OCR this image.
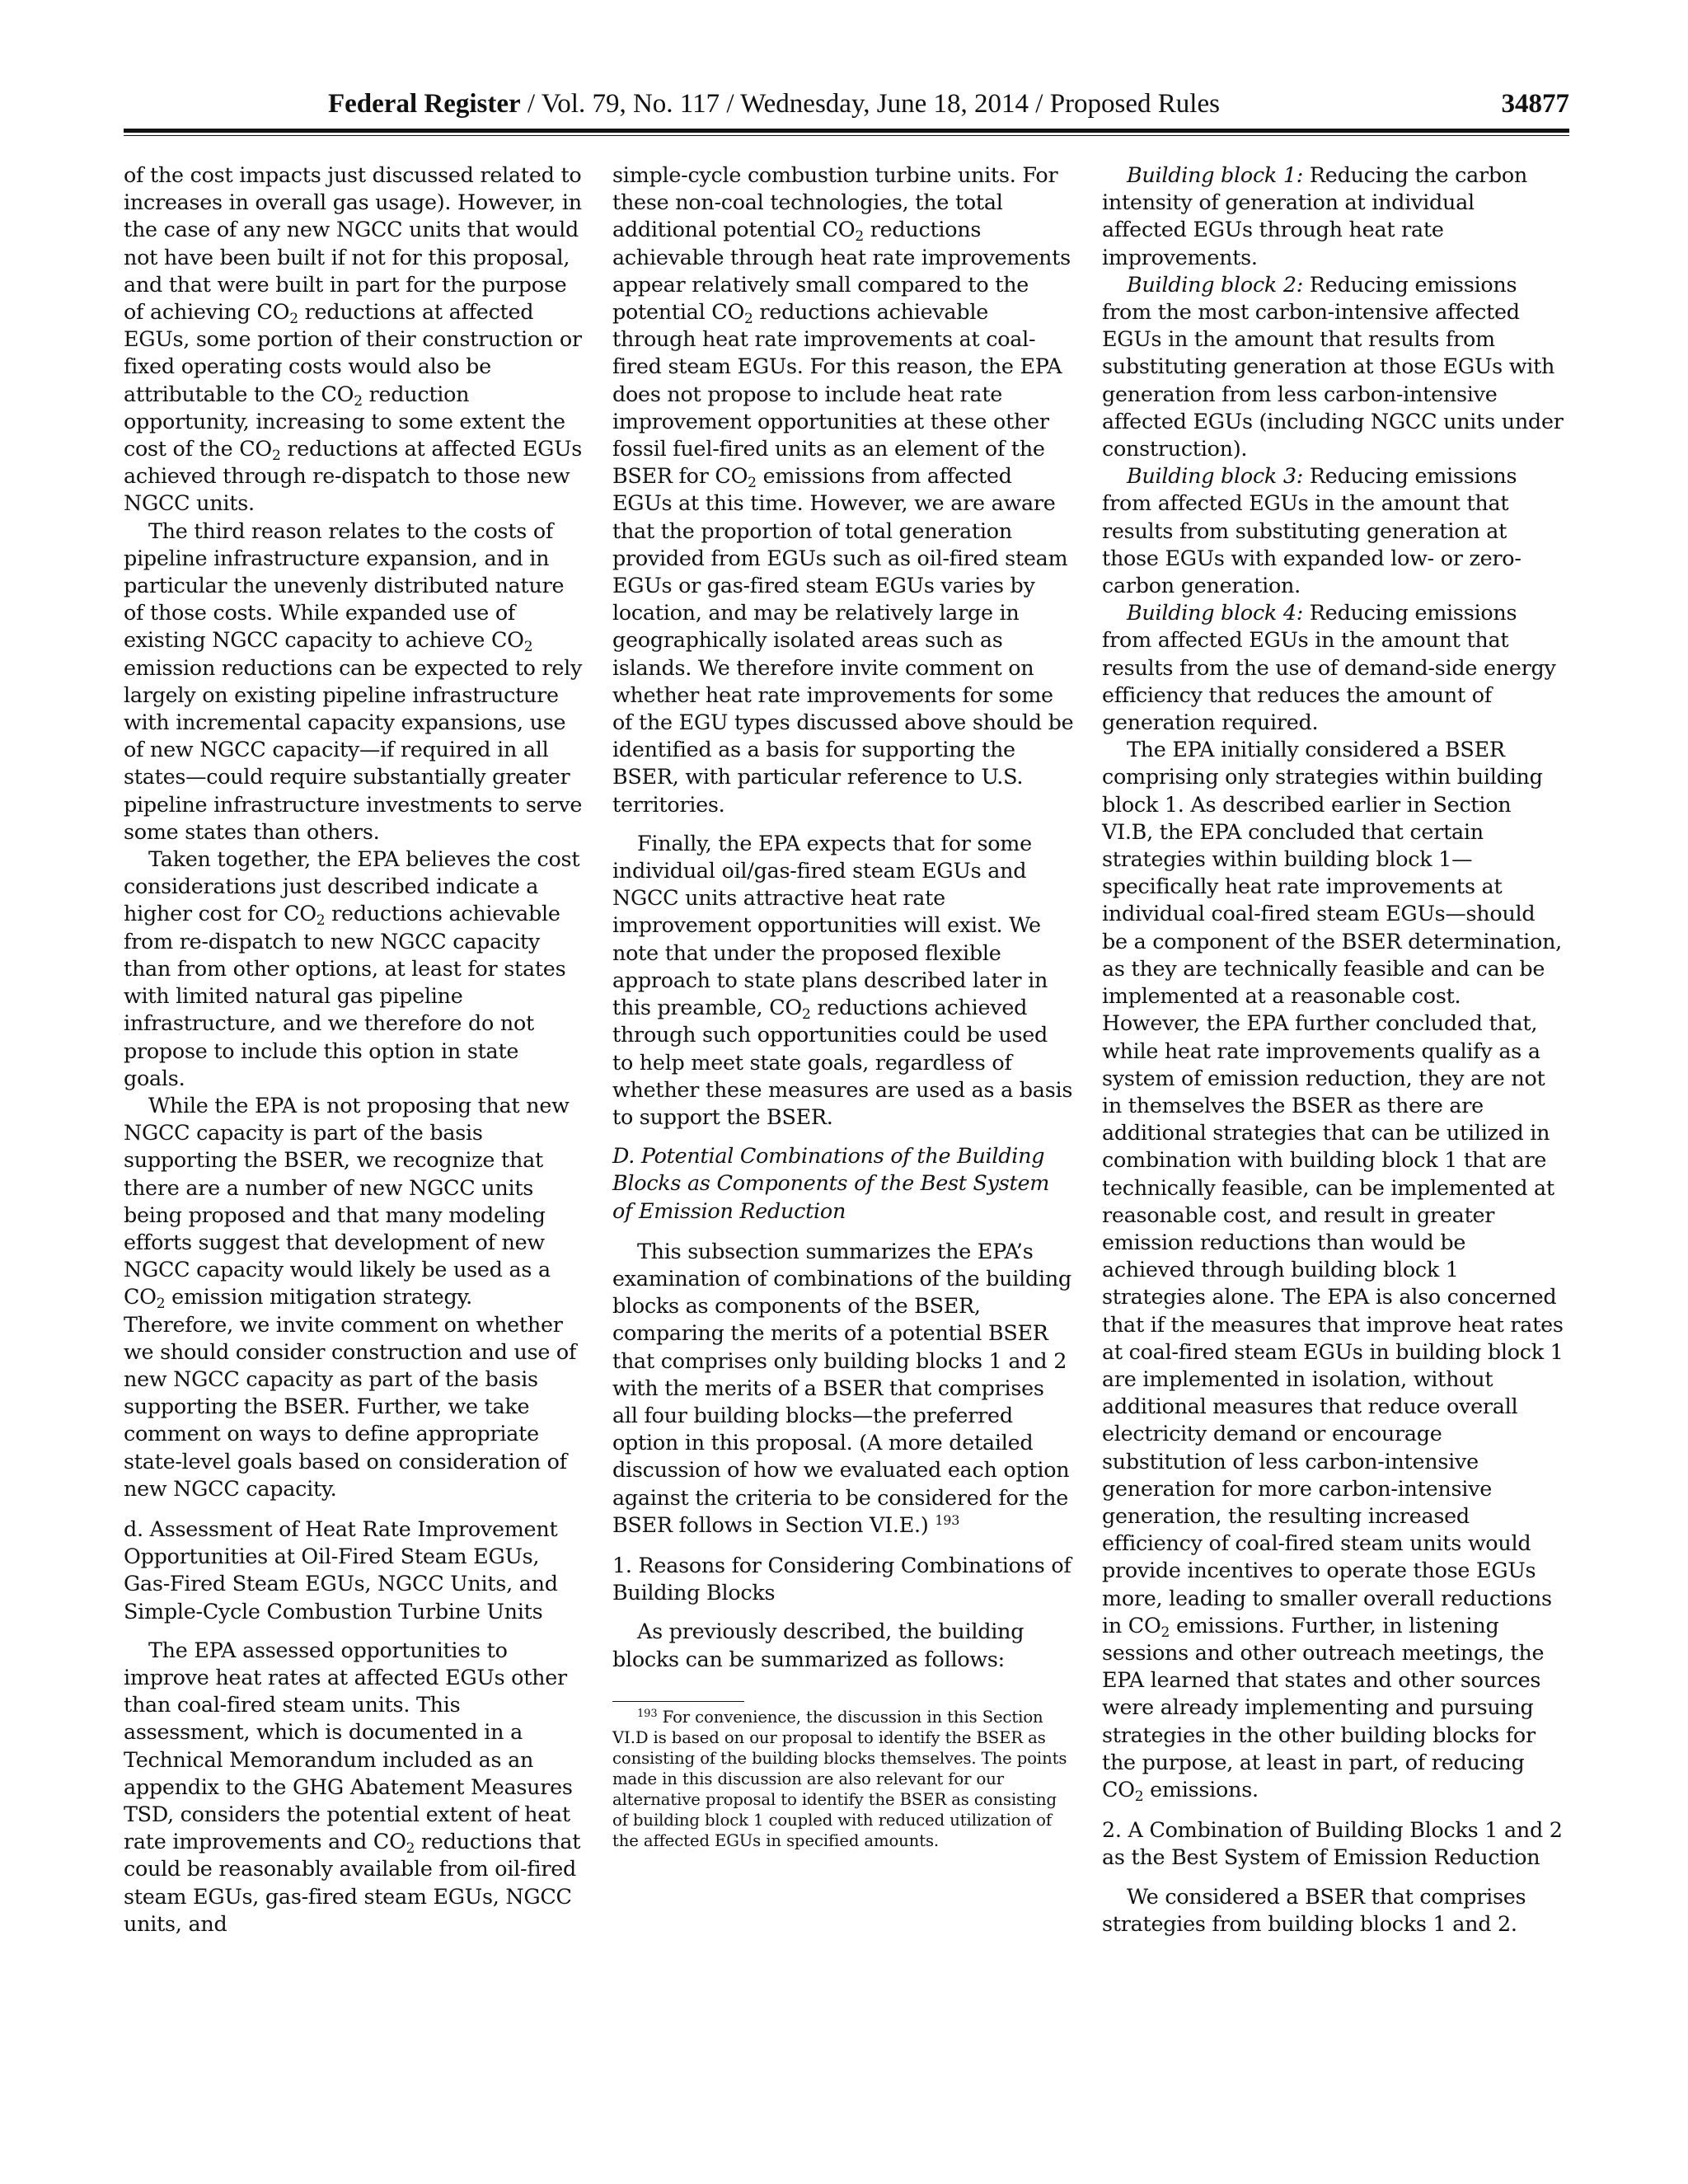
Federal Register / Vol. 79, No. 117 / Wednesday, June 18, 2014 / Proposed Rules	34877

of the cost impacts just discussed related to increases in overall gas usage). However, in the case of any new NGCC units that would not have been built if not for this proposal, and that were built in part for the purpose of achieving $CO_2$ reductions at affected EGUs, some portion of their construction or fixed operating costs would also be attributable to the $CO_2$ reduction opportunity, increasing to some extent the cost of the $CO_2$ reductions at affected EGUs achieved through re-dispatch to those new NGCC units.

The third reason relates to the costs of pipeline infrastructure expansion, and in particular the unevenly distributed nature of those costs. While expanded use of existing NGCC capacity to achieve $CO_2$ emission reductions can be expected to rely largely on existing pipeline infrastructure with incremental capacity expansions, use of new NGCC capacity—if required in all states—could require substantially greater pipeline infrastructure investments to serve some states than others.

Taken together, the EPA believes the cost considerations just described indicate a higher cost for $CO_2$ reductions achievable from re-dispatch to new NGCC capacity than from other options, at least for states with limited natural gas pipeline infrastructure, and we therefore do not propose to include this option in state goals.

While the EPA is not proposing that new NGCC capacity is part of the basis supporting the BSER, we recognize that there are a number of new NGCC units being proposed and that many modeling efforts suggest that development of new NGCC capacity would likely be used as a $CO_2$ emission mitigation strategy. Therefore, we invite comment on whether we should consider construction and use of new NGCC capacity as part of the basis supporting the BSER. Further, we take comment on ways to define appropriate state-level goals based on consideration of new NGCC capacity.

d. Assessment of Heat Rate Improvement Opportunities at Oil-Fired Steam EGUs, Gas-Fired Steam EGUs, NGCC Units, and Simple-Cycle Combustion Turbine Units

The EPA assessed opportunities to improve heat rates at affected EGUs other than coal-fired steam units. This assessment, which is documented in a Technical Memorandum included as an appendix to the GHG Abatement Measures TSD, considers the potential extent of heat rate improvements and $CO_2$ reductions that could be reasonably available from oil-fired steam EGUs, gas-fired steam EGUs, NGCC units, and

simple-cycle combustion turbine units. For these non-coal technologies, the total additional potential $CO_2$ reductions achievable through heat rate improvements appear relatively small compared to the potential $CO_2$ reductions achievable through heat rate improvements at coal-fired steam EGUs. For this reason, the EPA does not propose to include heat rate improvement opportunities at these other fossil fuel-fired units as an element of the BSER for $CO_2$ emissions from affected EGUs at this time. However, we are aware that the proportion of total generation provided from EGUs such as oil-fired steam EGUs or gas-fired steam EGUs varies by location, and may be relatively large in geographically isolated areas such as islands. We therefore invite comment on whether heat rate improvements for some of the EGU types discussed above should be identified as a basis for supporting the BSER, with particular reference to U.S. territories.

Finally, the EPA expects that for some individual oil/gas-fired steam EGUs and NGCC units attractive heat rate improvement opportunities will exist. We note that under the proposed flexible approach to state plans described later in this preamble, $CO_2$ reductions achieved through such opportunities could be used to help meet state goals, regardless of whether these measures are used as a basis to support the BSER.

D. Potential Combinations of the Building Blocks as Components of the Best System of Emission Reduction

This subsection summarizes the EPA’s examination of combinations of the building blocks as components of the BSER, comparing the merits of a potential BSER that comprises only building blocks 1 and 2 with the merits of a BSER that comprises all four building blocks—the preferred option in this proposal. (A more detailed discussion of how we evaluated each option against the criteria to be considered for the BSER follows in Section VI.E.) $^{193}$

1. Reasons for Considering Combinations of Building Blocks

As previously described, the building blocks can be summarized as follows:

$^{193}$ For convenience, the discussion in this Section VI.D is based on our proposal to identify the BSER as consisting of the building blocks themselves. The points made in this discussion are also relevant for our alternative proposal to identify the BSER as consisting of building block 1 coupled with reduced utilization of the affected EGUs in specified amounts.

Building block 1: Reducing the carbon intensity of generation at individual affected EGUs through heat rate improvements.

Building block 2: Reducing emissions from the most carbon-intensive affected EGUs in the amount that results from substituting generation at those EGUs with generation from less carbon-intensive affected EGUs (including NGCC units under construction).

Building block 3: Reducing emissions from affected EGUs in the amount that results from substituting generation at those EGUs with expanded low- or zero-carbon generation.

Building block 4: Reducing emissions from affected EGUs in the amount that results from the use of demand-side energy efficiency that reduces the amount of generation required.

The EPA initially considered a BSER comprising only strategies within building block 1. As described earlier in Section VI.B, the EPA concluded that certain strategies within building block 1—specifically heat rate improvements at individual coal-fired steam EGUs—should be a component of the BSER determination, as they are technically feasible and can be implemented at a reasonable cost. However, the EPA further concluded that, while heat rate improvements qualify as a system of emission reduction, they are not in themselves the BSER as there are additional strategies that can be utilized in combination with building block 1 that are technically feasible, can be implemented at reasonable cost, and result in greater emission reductions than would be achieved through building block 1 strategies alone. The EPA is also concerned that if the measures that improve heat rates at coal-fired steam EGUs in building block 1 are implemented in isolation, without additional measures that reduce overall electricity demand or encourage substitution of less carbon-intensive generation for more carbon-intensive generation, the resulting increased efficiency of coal-fired steam units would provide incentives to operate those EGUs more, leading to smaller overall reductions in $CO_2$ emissions. Further, in listening sessions and other outreach meetings, the EPA learned that states and other sources were already implementing and pursuing strategies in the other building blocks for the purpose, at least in part, of reducing $CO_2$ emissions.

2. A Combination of Building Blocks 1 and 2 as the Best System of Emission Reduction

We considered a BSER that comprises strategies from building blocks 1 and 2.
